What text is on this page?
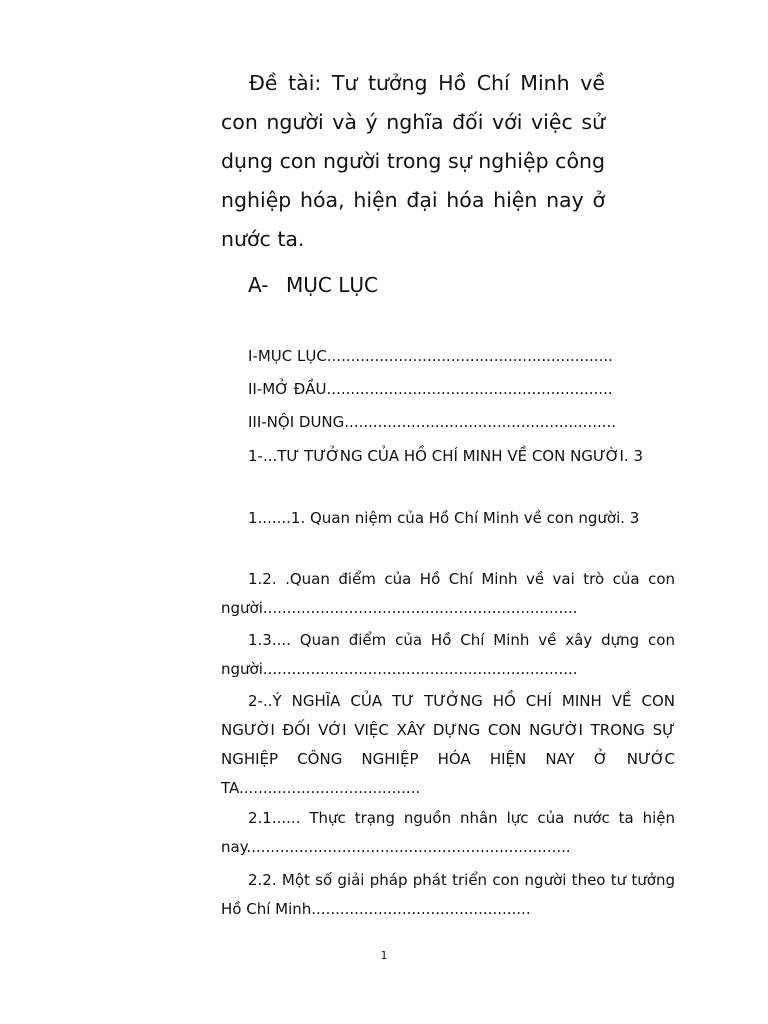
Đề tài: Tư tưởng Hồ Chí Minh về con người và ý nghĩa đối với việc sử dụng con người trong sự nghiệp công nghiệp hóa, hiện đại hóa hiện nay ở nước ta.
A- MỤC LỤC
I-MỤC LỤC............................................................
II-MỞ ĐẦU............................................................
III-NỘI DUNG.........................................................
1-...TƯ TƯỞNG CỦA HỒ CHÍ MINH VỀ CON NGƯỜI. 3
1.......1. Quan niệm của Hồ Chí Minh về con người. 3
1.2. .Quan điểm của Hồ Chí Minh về vai trò của con người..................................................................
1.3.... Quan điểm của Hồ Chí Minh về xây dựng con người..................................................................
2-..Ý NGHĨA CỦA TƯ TƯỞNG HỒ CHÍ MINH VỀ CON NGƯỜI ĐỐI VỚI VIỆC XÂY DỰNG CON NGƯỜI TRONG SỰ NGHIỆP CÔNG NGHIỆP HÓA HIỆN NAY Ở NƯỚC TA......................................
2.1...... Thực trạng nguồn nhân lực của nước ta hiện nay....................................................................
2.2. Một số giải pháp phát triển con người theo tư tưởng Hồ Chí Minh..............................................
1
